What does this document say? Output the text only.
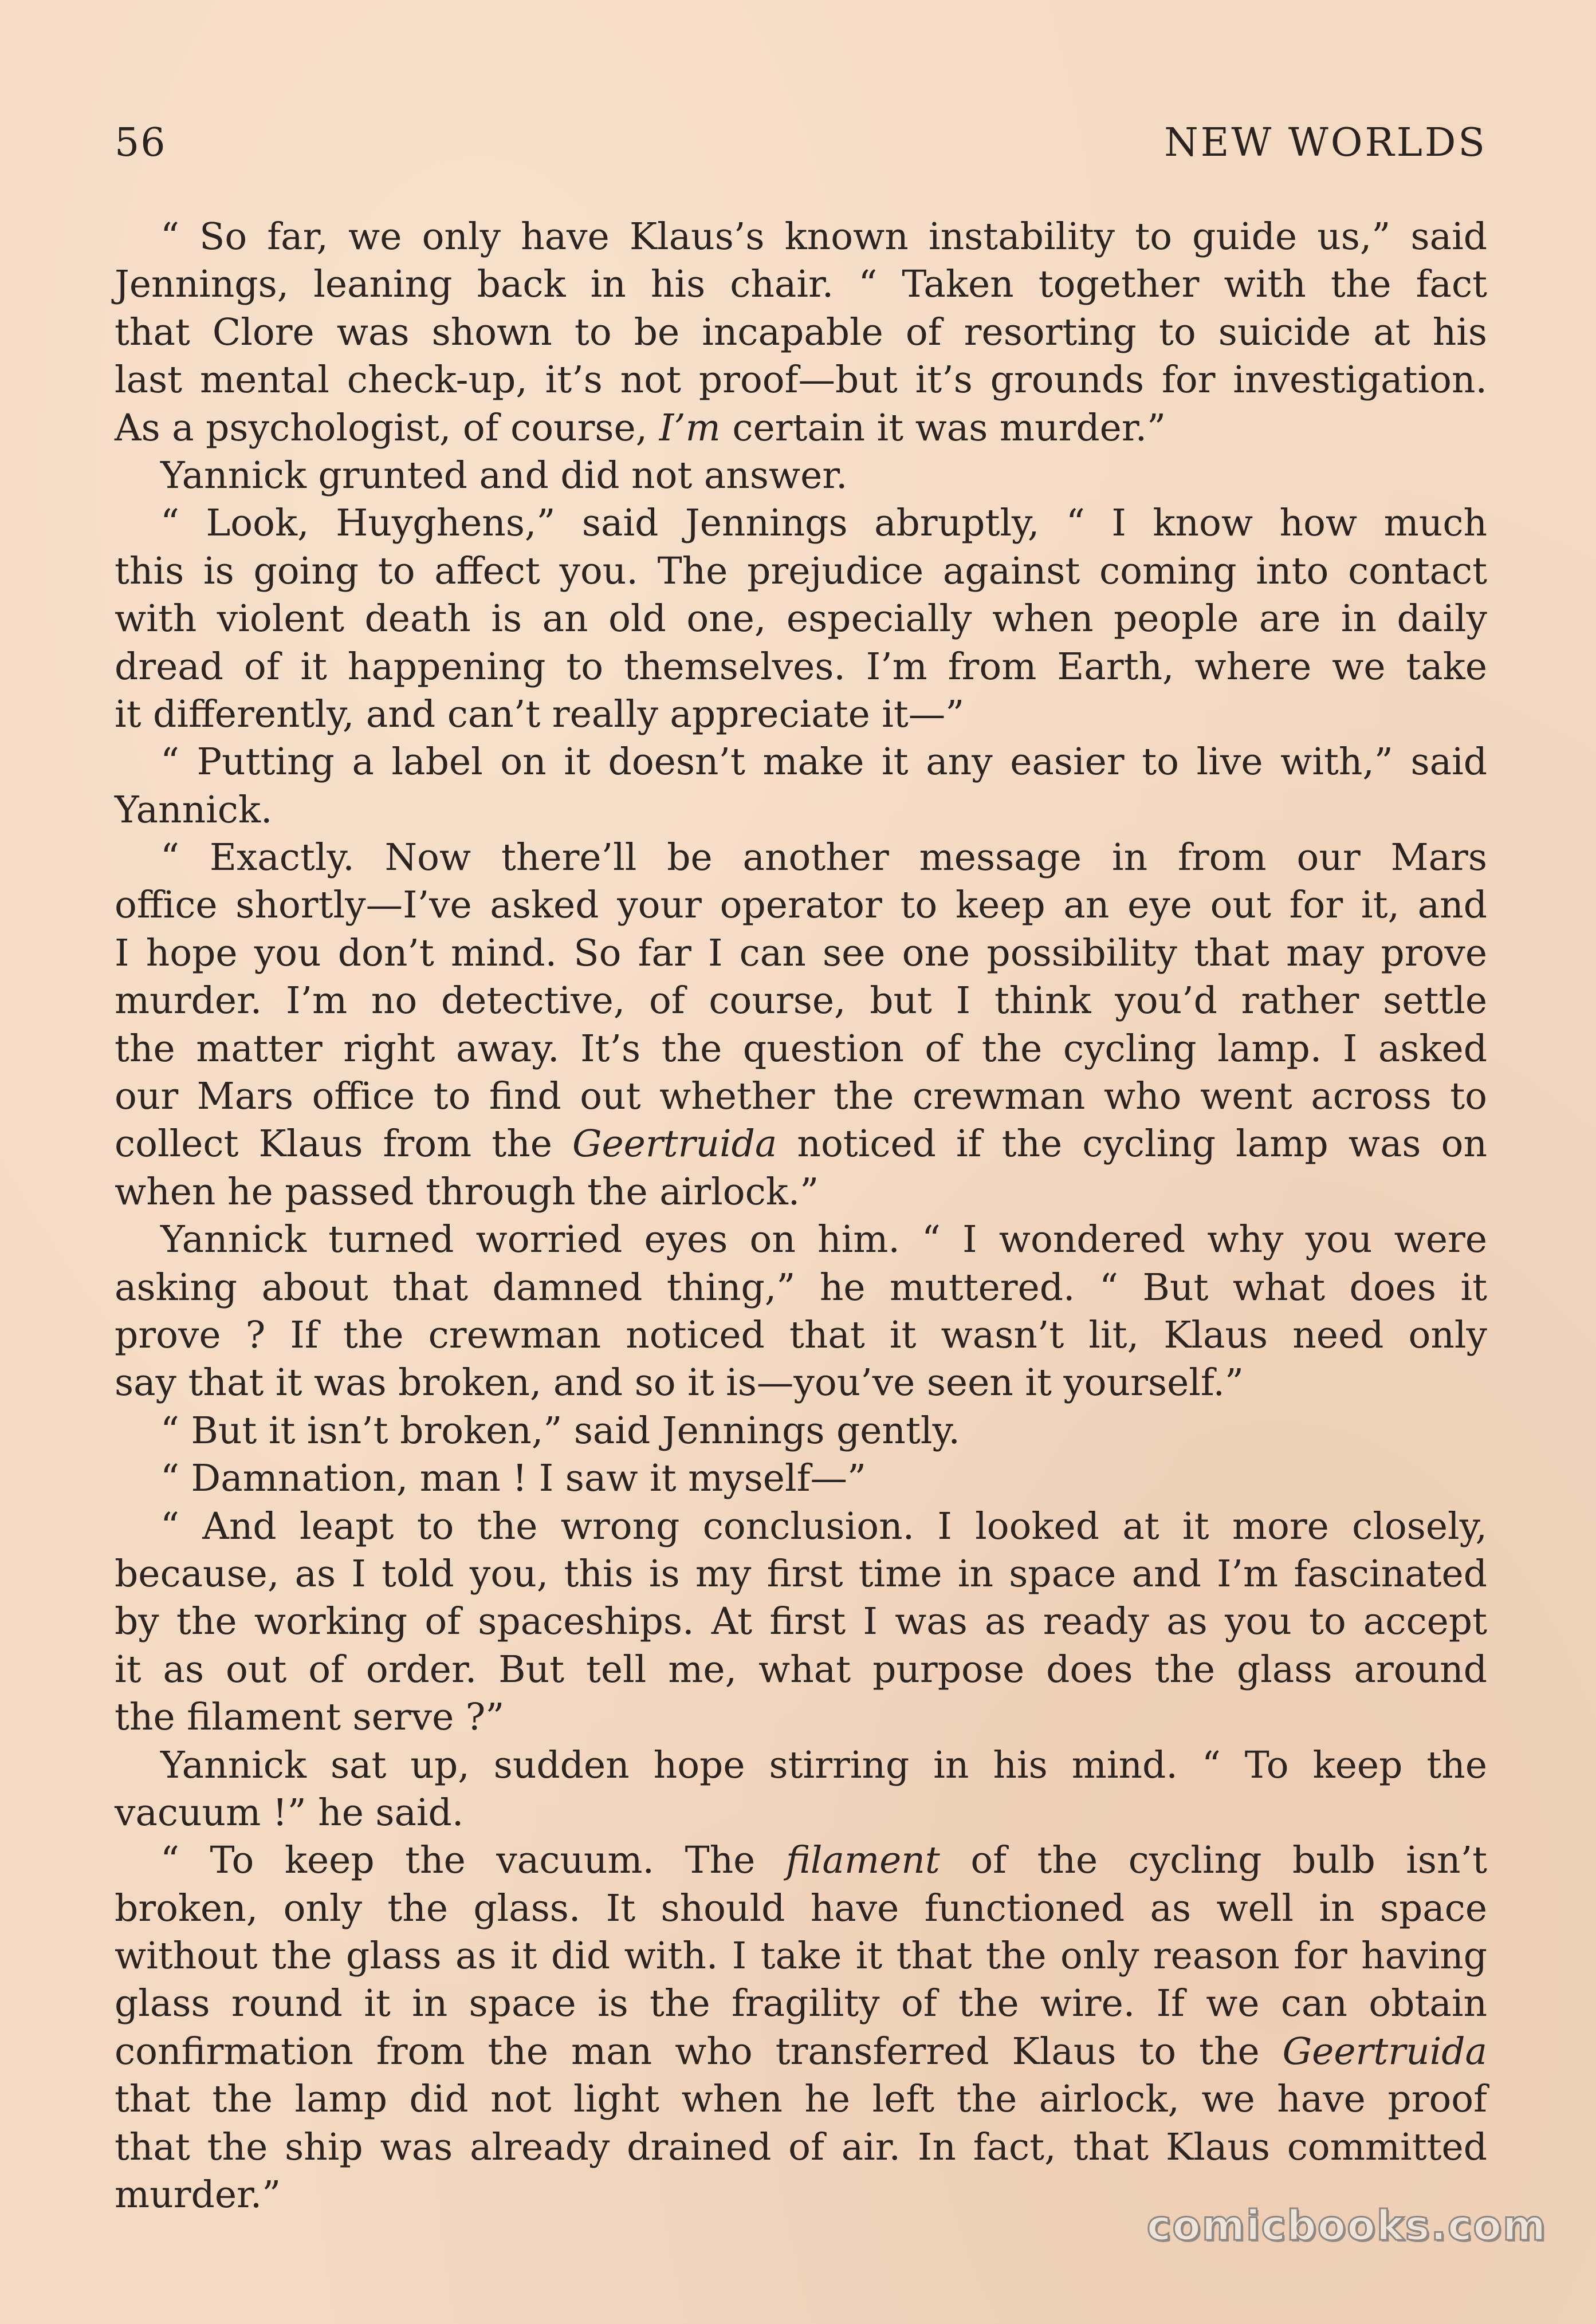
56	NEW WORLDS
“ So far, we only have Klaus’s known instability to guide us,” said
Jennings, leaning back in his chair. “ Taken together with the fact
that Clore was shown to be incapable of resorting to suicide at his
last mental check-up, it’s not proof—but it’s grounds for investigation.
As a psychologist, of course, I’m certain it was murder.”
Yannick grunted and did not answer.
“ Look, Huyghens,” said Jennings abruptly, “ I know how much
this is going to affect you. The prejudice against coming into contact
with violent death is an old one, especially when people are in daily
dread of it happening to themselves. I’m from Earth, where we take
it differently, and can’t really appreciate it—”
“ Putting a label on it doesn’t make it any easier to live with,” said
Yannick.
“ Exactly. Now there’ll be another message in from our Mars
office shortly—I’ve asked your operator to keep an eye out for it, and
I hope you don’t mind. So far I can see one possibility that may prove
murder. I’m no detective, of course, but I think you’d rather settle
the matter right away. It’s the question of the cycling lamp. I asked
our Mars office to find out whether the crewman who went across to
collect Klaus from the Geertruida noticed if the cycling lamp was on
when he passed through the airlock.”
Yannick turned worried eyes on him. “ I wondered why you were
asking about that damned thing,” he muttered. “ But what does it
prove ? If the crewman noticed that it wasn’t lit, Klaus need only
say that it was broken, and so it is—you’ve seen it yourself.”
“ But it isn’t broken,” said Jennings gently.
“ Damnation, man ! I saw it myself—”
“ And leapt to the wrong conclusion. I looked at it more closely,
because, as I told you, this is my first time in space and I’m fascinated
by the working of spaceships. At first I was as ready as you to accept
it as out of order. But tell me, what purpose does the glass around
the filament serve ?”
Yannick sat up, sudden hope stirring in his mind. “ To keep the
vacuum !” he said.
“ To keep the vacuum. The filament of the cycling bulb isn’t
broken, only the glass. It should have functioned as well in space
without the glass as it did with. I take it that the only reason for having
glass round it in space is the fragility of the wire. If we can obtain
confirmation from the man who transferred Klaus to the Geertruida
that the lamp did not light when he left the airlock, we have proof
that the ship was already drained of air. In fact, that Klaus committed
murder.”
comicbooks.com
